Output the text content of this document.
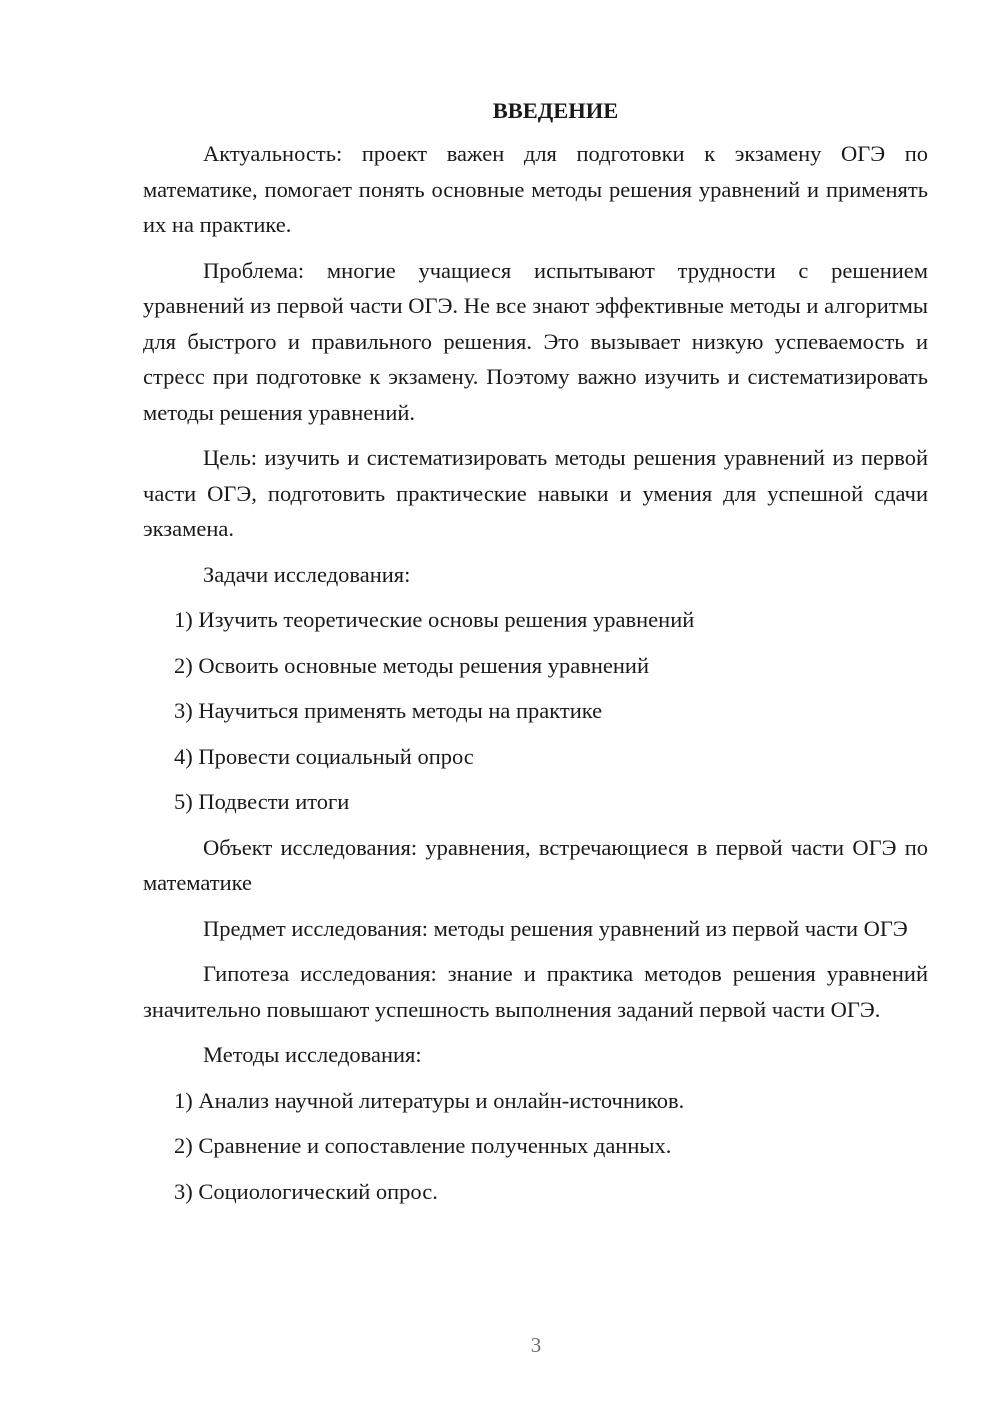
ВВЕДЕНИЕ

Актуальность: проект важен для подготовки к экзамену ОГЭ по математике, помогает понять основные методы решения уравнений и применять их на практике.

Проблема: многие учащиеся испытывают трудности с решением уравнений из первой части ОГЭ. Не все знают эффективные методы и алгоритмы для быстрого и правильного решения. Это вызывает низкую успеваемость и стресс при подготовке к экзамену. Поэтому важно изучить и систематизировать методы решения уравнений.

Цель: изучить и систематизировать методы решения уравнений из первой части ОГЭ, подготовить практические навыки и умения для успешной сдачи экзамена.

Задачи исследования:

1) Изучить теоретические основы решения уравнений

2) Освоить основные методы решения уравнений

3) Научиться применять методы на практике

4) Провести социальный опрос

5) Подвести итоги

Объект исследования: уравнения, встречающиеся в первой части ОГЭ по математике

Предмет исследования: методы решения уравнений из первой части ОГЭ

Гипотеза исследования: знание и практика методов решения уравнений значительно повышают успешность выполнения заданий первой части ОГЭ.

Методы исследования:

1) Анализ научной литературы и онлайн-источников.

2) Сравнение и сопоставление полученных данных.

3) Социологический опрос.

3
